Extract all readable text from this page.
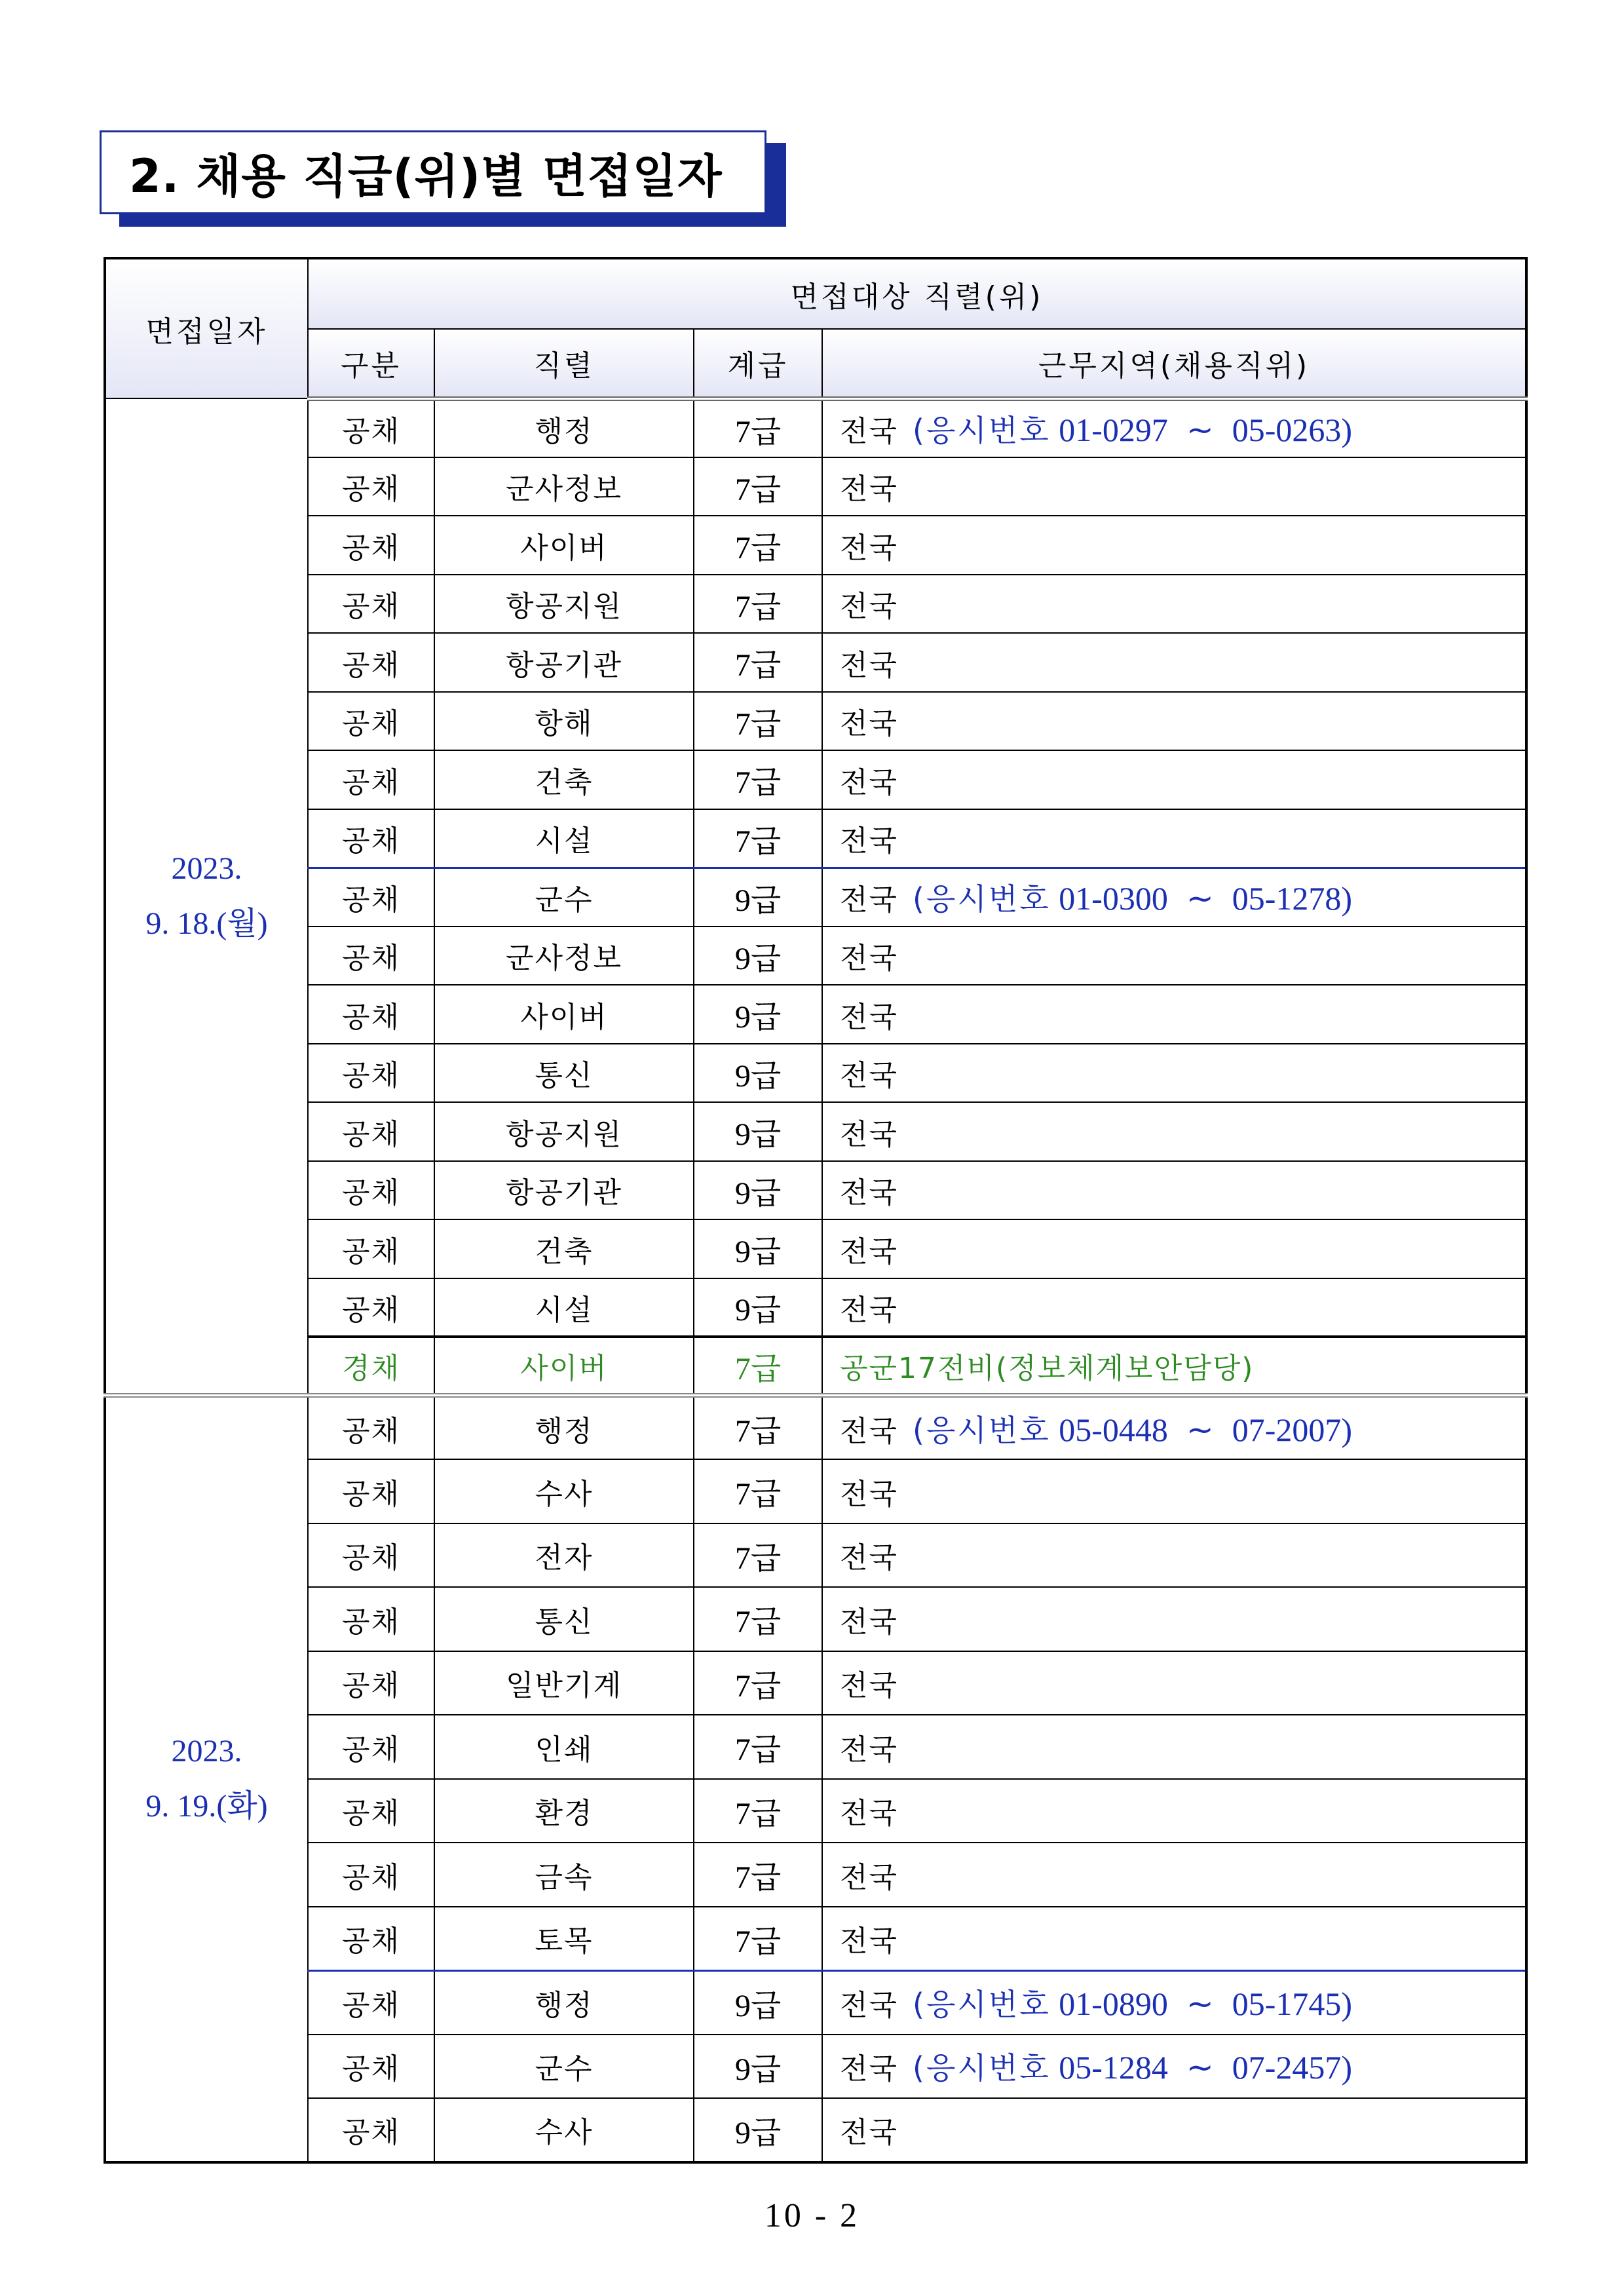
2. 채용 직급(위)별 면접일자
면접일자	면접대상 직렬(위)			
	구분	직렬	계급	근무지역(채용직위)

2023.
9. 18.(월)	공채	행정	7급	전국 (응시번호 01-0297 ∼ 05-0263)
	공채	군사정보	7급	전국
	공채	사이버	7급	전국
	공채	항공지원	7급	전국
	공채	항공기관	7급	전국
	공채	항해	7급	전국
	공채	건축	7급	전국
	공채	시설	7급	전국
	공채	군수	9급	전국 (응시번호 01-0300 ∼ 05-1278)
	공채	군사정보	9급	전국
	공채	사이버	9급	전국
	공채	통신	9급	전국
	공채	항공지원	9급	전국
	공채	항공기관	9급	전국
	공채	건축	9급	전국
	공채	시설	9급	전국
	경채	사이버	7급	공군17전비(정보체계보안담당)

2023.
9. 19.(화)	공채	행정	7급	전국 (응시번호 05-0448 ∼ 07-2007)
	공채	수사	7급	전국
	공채	전자	7급	전국
	공채	통신	7급	전국
	공채	일반기계	7급	전국
	공채	인쇄	7급	전국
	공채	환경	7급	전국
	공채	금속	7급	전국
	공채	토목	7급	전국
	공채	행정	9급	전국 (응시번호 01-0890 ∼ 05-1745)
	공채	군수	9급	전국 (응시번호 05-1284 ∼ 07-2457)
	공채	수사	9급	전국
10 - 2
